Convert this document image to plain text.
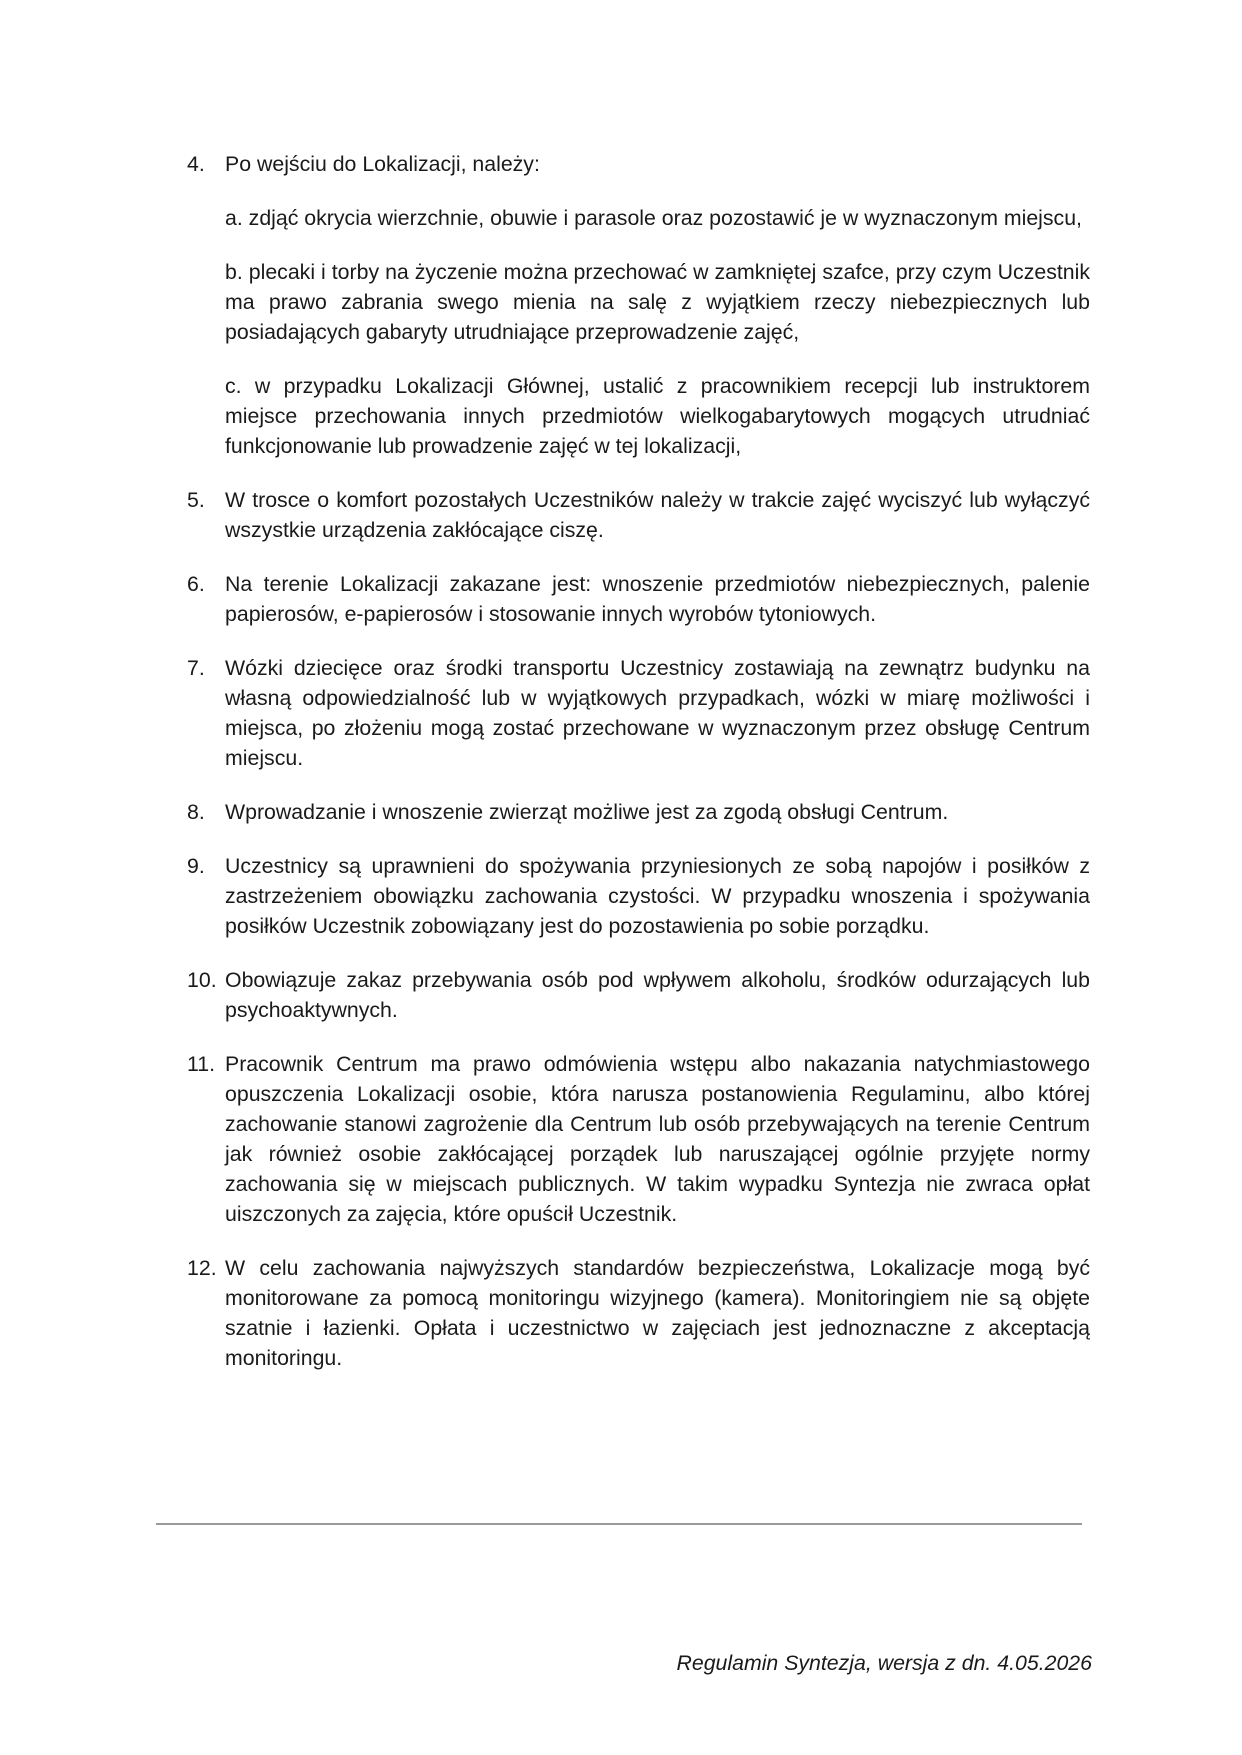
4. Po wejściu do Lokalizacji, należy:
a. zdjąć okrycia wierzchnie, obuwie i parasole oraz pozostawić je w wyznaczonym miejscu,
b. plecaki i torby na życzenie można przechować w zamkniętej szafce, przy czym Uczestnik ma prawo zabrania swego mienia na salę z wyjątkiem rzeczy niebezpiecznych lub posiadających gabaryty utrudniające przeprowadzenie zajęć,
c. w przypadku Lokalizacji Głównej, ustalić z pracownikiem recepcji lub instruktorem miejsce przechowania innych przedmiotów wielkogabarytowych mogących utrudniać funkcjonowanie lub prowadzenie zajęć w tej lokalizacji,
5. W trosce o komfort pozostałych Uczestników należy w trakcie zajęć wyciszyć lub wyłączyć wszystkie urządzenia zakłócające ciszę.
6. Na terenie Lokalizacji zakazane jest: wnoszenie przedmiotów niebezpiecznych, palenie papierosów, e-papierosów i stosowanie innych wyrobów tytoniowych.
7. Wózki dziecięce oraz środki transportu Uczestnicy zostawiają na zewnątrz budynku na własną odpowiedzialność lub w wyjątkowych przypadkach, wózki w miarę możliwości i miejsca, po złożeniu mogą zostać przechowane w wyznaczonym przez obsługę Centrum miejscu.
8. Wprowadzanie i wnoszenie zwierząt możliwe jest za zgodą obsługi Centrum.
9. Uczestnicy są uprawnieni do spożywania przyniesionych ze sobą napojów i posiłków z zastrzeżeniem obowiązku zachowania czystości. W przypadku wnoszenia i spożywania posiłków Uczestnik zobowiązany jest do pozostawienia po sobie porządku.
10. Obowiązuje zakaz przebywania osób pod wpływem alkoholu, środków odurzających lub psychoaktywnych.
11. Pracownik Centrum ma prawo odmówienia wstępu albo nakazania natychmiastowego opuszczenia Lokalizacji osobie, która narusza postanowienia Regulaminu, albo której zachowanie stanowi zagrożenie dla Centrum lub osób przebywających na terenie Centrum jak również osobie zakłócającej porządek lub naruszającej ogólnie przyjęte normy zachowania się w miejscach publicznych. W takim wypadku Syntezja nie zwraca opłat uiszczonych za zajęcia, które opuścił Uczestnik.
12. W celu zachowania najwyższych standardów bezpieczeństwa, Lokalizacje mogą być monitorowane za pomocą monitoringu wizyjnego (kamera). Monitoringiem nie są objęte szatnie i łazienki. Opłata i uczestnictwo w zajęciach jest jednoznaczne z akceptacją monitoringu.
Regulamin Syntezja, wersja z dn. 4.05.2026
